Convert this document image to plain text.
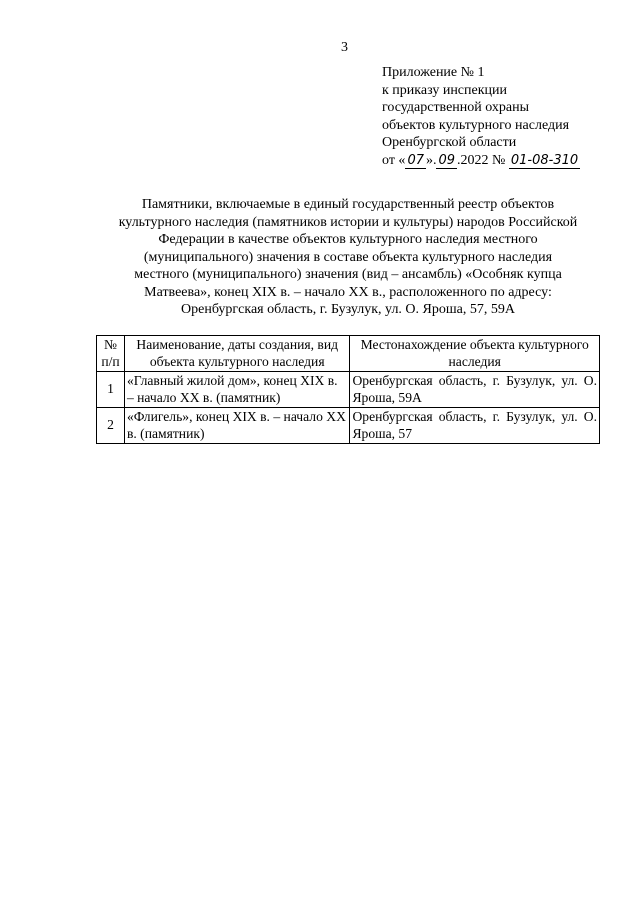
3
Приложение № 1
к приказу инспекции
государственной охраны
объектов культурного наследия
Оренбургской области
от « 07 ». 09 .2022 № 01-08-310
Памятники, включаемые в единый государственный реестр объектов
культурного наследия (памятников истории и культуры) народов Российской
Федерации в качестве объектов культурного наследия местного
(муниципального) значения в составе объекта культурного наследия
местного (муниципального) значения (вид – ансамбль) «Особняк купца
Матвеева», конец XIX в. – начало XX в., расположенного по адресу:
Оренбургская область, г. Бузулук, ул. О. Яроша, 57, 59А
№ п/п	Наименование, даты создания, вид объекта культурного наследия	Местонахождение объекта культурного наследия
1	«Главный жилой дом», конец XIX в. – начало XX в. (памятник)	Оренбургская область, г. Бузулук, ул. О. Яроша, 59А
2	«Флигель», конец XIX в. – начало XX в. (памятник)	Оренбургская область, г. Бузулук, ул. О. Яроша, 57
